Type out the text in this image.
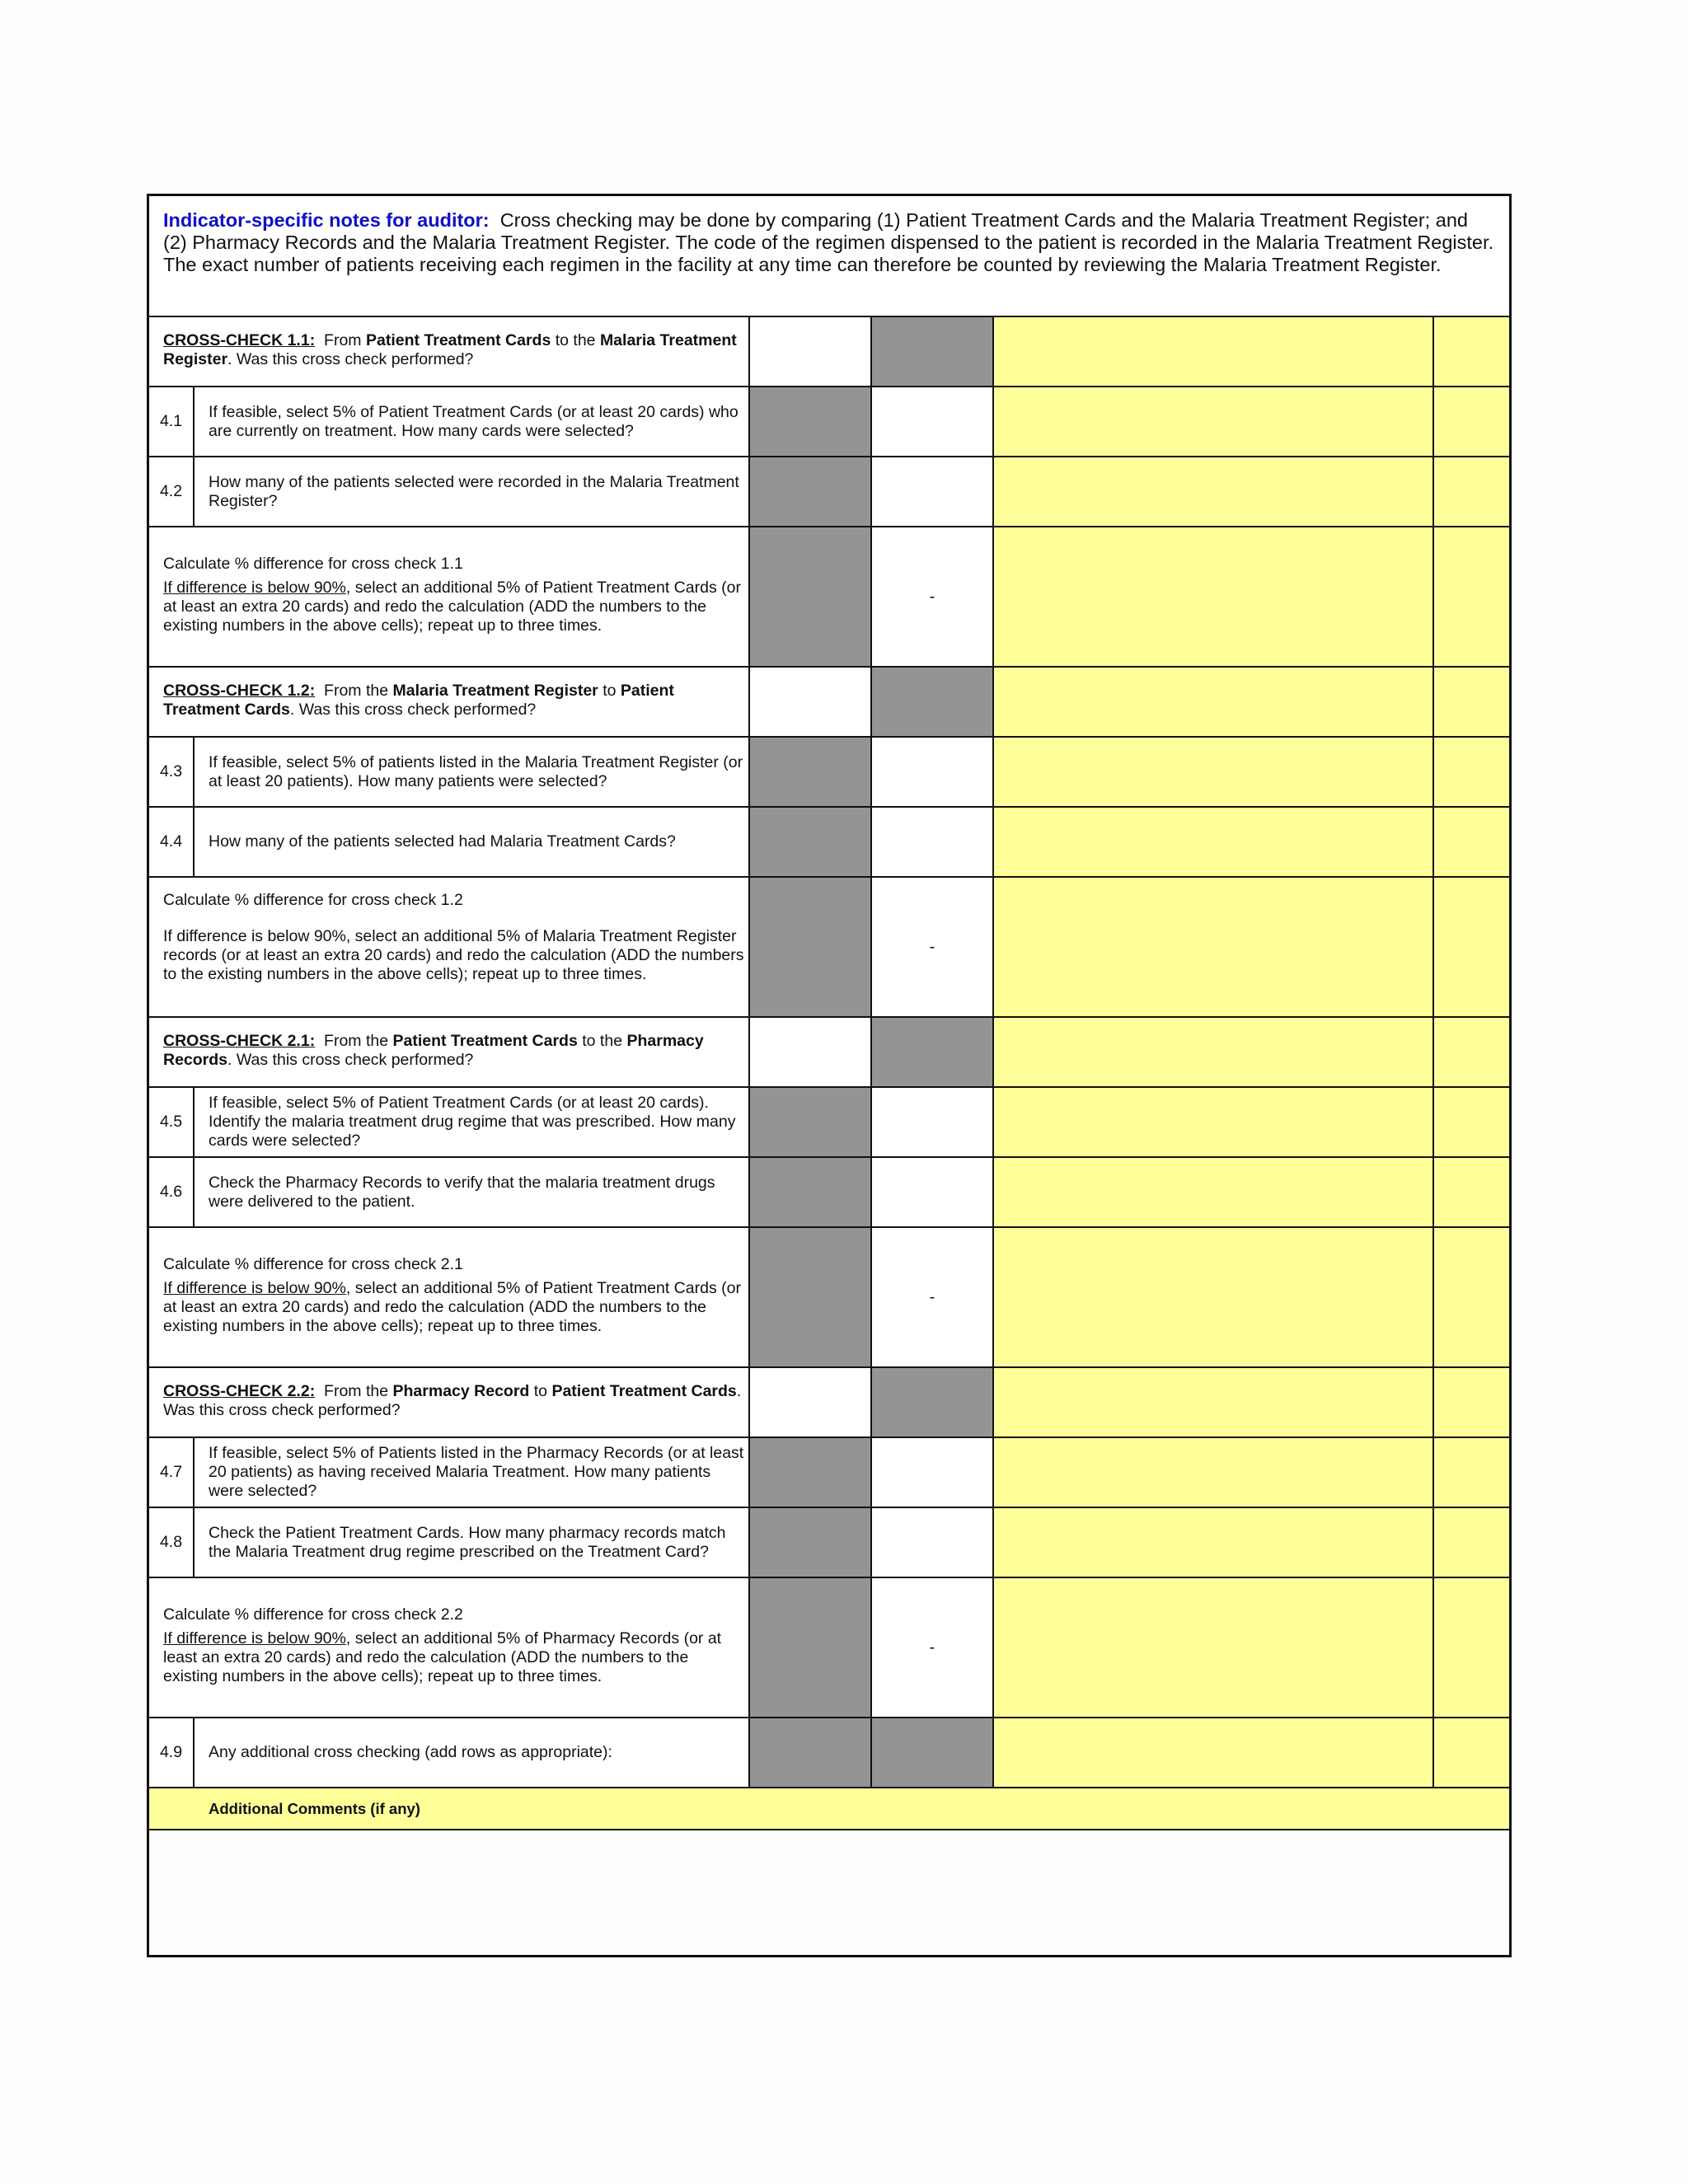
Indicator-specific notes for auditor: Cross checking may be done by comparing (1) Patient Treatment Cards and the Malaria Treatment Register; and (2) Pharmacy Records and the Malaria Treatment Register. The code of the regimen dispensed to the patient is recorded in the Malaria Treatment Register. The exact number of patients receiving each regimen in the facility at any time can therefore be counted by reviewing the Malaria Treatment Register.
CROSS-CHECK 1.1: From Patient Treatment Cards to the Malaria Treatment Register. Was this cross check performed?
4.1
If feasible, select 5% of Patient Treatment Cards (or at least 20 cards) who are currently on treatment. How many cards were selected?
4.2
How many of the patients selected were recorded in the Malaria Treatment Register?
Calculate % difference for cross check 1.1
If difference is below 90%, select an additional 5% of Patient Treatment Cards (or at least an extra 20 cards) and redo the calculation (ADD the numbers to the existing numbers in the above cells); repeat up to three times.
-
CROSS-CHECK 1.2: From the Malaria Treatment Register to Patient Treatment Cards. Was this cross check performed?
4.3
If feasible, select 5% of patients listed in the Malaria Treatment Register (or at least 20 patients). How many patients were selected?
4.4	How many of the patients selected had Malaria Treatment Cards?
Calculate % difference for cross check 1.2
If difference is below 90%, select an additional 5% of Malaria Treatment Register records (or at least an extra 20 cards) and redo the calculation (ADD the numbers to the existing numbers in the above cells); repeat up to three times.
-
CROSS-CHECK 2.1: From the Patient Treatment Cards to the Pharmacy Records. Was this cross check performed?
4.5
If feasible, select 5% of Patient Treatment Cards (or at least 20 cards). Identify the malaria treatment drug regime that was prescribed. How many cards were selected?
4.6
Check the Pharmacy Records to verify that the malaria treatment drugs were delivered to the patient.
Calculate % difference for cross check 2.1
If difference is below 90%, select an additional 5% of Patient Treatment Cards (or at least an extra 20 cards) and redo the calculation (ADD the numbers to the existing numbers in the above cells); repeat up to three times.
-
CROSS-CHECK 2.2: From the Pharmacy Record to Patient Treatment Cards. Was this cross check performed?
4.7
If feasible, select 5% of Patients listed in the Pharmacy Records (or at least 20 patients) as having received Malaria Treatment. How many patients were selected?
4.8
Check the Patient Treatment Cards. How many pharmacy records match the Malaria Treatment drug regime prescribed on the Treatment Card?
Calculate % difference for cross check 2.2
If difference is below 90%, select an additional 5% of Pharmacy Records (or at least an extra 20 cards) and redo the calculation (ADD the numbers to the existing numbers in the above cells); repeat up to three times.
-
4.9	Any additional cross checking (add rows as appropriate):
Additional Comments (if any)
